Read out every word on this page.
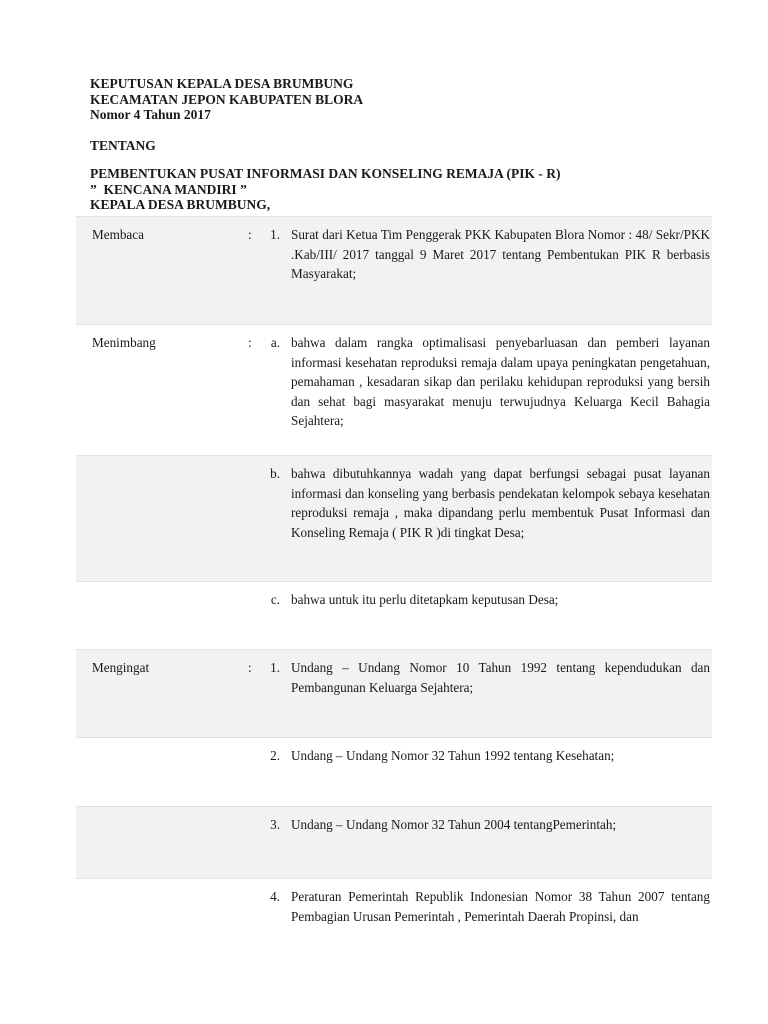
KEPUTUSAN KEPALA DESA BRUMBUNG
KECAMATAN JEPON KABUPATEN BLORA
Nomor 4 Tahun 2017
TENTANG
PEMBENTUKAN PUSAT INFORMASI DAN KONSELING REMAJA (PIK - R)
”  KENCANA MANDIRI ”
KEPALA DESA BRUMBUNG,
Membaca	:	1.	Surat dari Ketua Tim Penggerak PKK Kabupaten Blora Nomor : 48/ Sekr/PKK .Kab/III/ 2017 tanggal 9 Maret 2017 tentang Pembentukan PIK R berbasis Masyarakat;
Menimbang	:	a.	bahwa dalam rangka optimalisasi penyebarluasan dan pemberi layanan informasi kesehatan reproduksi remaja dalam upaya peningkatan pengetahuan, pemahaman , kesadaran sikap dan perilaku kehidupan reproduksi yang bersih dan sehat bagi masyarakat menuju terwujudnya Keluarga Kecil Bahagia Sejahtera;
		b.	bahwa dibutuhkannya wadah yang dapat berfungsi sebagai pusat layanan informasi dan konseling yang berbasis pendekatan kelompok sebaya kesehatan reproduksi remaja , maka dipandang perlu membentuk Pusat Informasi dan Konseling Remaja ( PIK R )di tingkat Desa;
		c.	bahwa untuk itu perlu ditetapkam keputusan Desa;
Mengingat	:	1.	Undang – Undang Nomor 10 Tahun 1992 tentang kependudukan dan Pembangunan Keluarga Sejahtera;
		2.	Undang – Undang Nomor 32 Tahun 1992 tentang Kesehatan;
		3.	Undang – Undang Nomor 32 Tahun 2004 tentangPemerintah;
		4.	Peraturan Pemerintah Republik Indonesian Nomor 38 Tahun 2007 tentang Pembagian Urusan Pemerintah , Pemerintah Daerah Propinsi, dan
